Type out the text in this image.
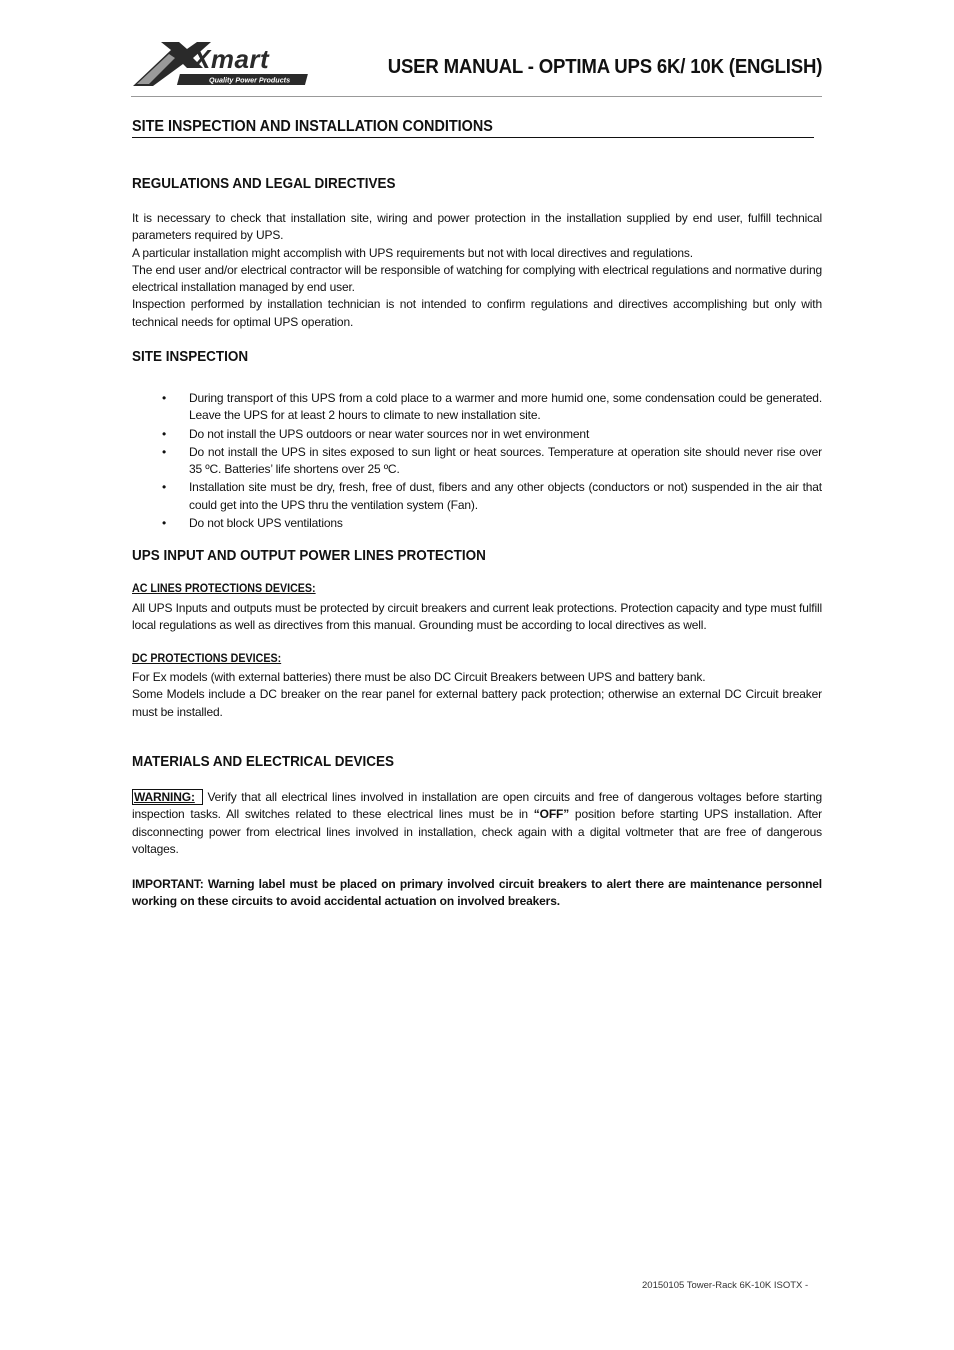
Xmart
Quality Power Products
USER MANUAL - OPTIMA UPS 6K/ 10K (ENGLISH)
SITE INSPECTION AND INSTALLATION CONDITIONS
REGULATIONS AND LEGAL DIRECTIVES

It is necessary to check that installation site, wiring and power protection in the installation supplied by end user, fulfill technical parameters required by UPS.

A particular installation might accomplish with UPS requirements but not with local directives and regulations.

The end user and/or electrical contractor will be responsible of watching for complying with electrical regulations and normative during electrical installation managed by end user.

Inspection performed by installation technician is not intended to confirm regulations and directives accomplishing but only with technical needs for optimal UPS operation.

SITE INSPECTION
• During transport of this UPS from a cold place to a warmer and more humid one, some condensation could be generated. Leave the UPS for at least 2 hours to climate to new installation site.
• Do not install the UPS outdoors or near water sources nor in wet environment
• Do not install the UPS in sites exposed to sun light or heat sources. Temperature at operation site should never rise over 35 ºC. Batteries’ life shortens over 25 ºC.
• Installation site must be dry, fresh, free of dust, fibers and any other objects (conductors or not) suspended in the air that could get into the UPS thru the ventilation system (Fan).
• Do not block UPS ventilations
UPS INPUT AND OUTPUT POWER LINES PROTECTION
AC LINES PROTECTIONS DEVICES:

All UPS Inputs and outputs must be protected by circuit breakers and current leak protections. Protection capacity and type must fulfill local regulations as well as directives from this manual. Grounding must be according to local directives as well.

DC PROTECTIONS DEVICES:

For Ex models (with external batteries) there must be also DC Circuit Breakers between UPS and battery bank.

Some Models include a DC breaker on the rear panel for external battery pack protection; otherwise an external DC Circuit breaker must be installed.

MATERIALS AND ELECTRICAL DEVICES

WARNING: Verify that all electrical lines involved in installation are open circuits and free of dangerous voltages before starting inspection tasks. All switches related to these electrical lines must be in “OFF” position before starting UPS installation. After disconnecting power from electrical lines involved in installation, check again with a digital voltmeter that are free of dangerous voltages.

IMPORTANT: Warning label must be placed on primary involved circuit breakers to alert there are maintenance personnel working on these circuits to avoid accidental actuation on involved breakers.

20150105 Tower-Rack 6K-10K ISOTX -
